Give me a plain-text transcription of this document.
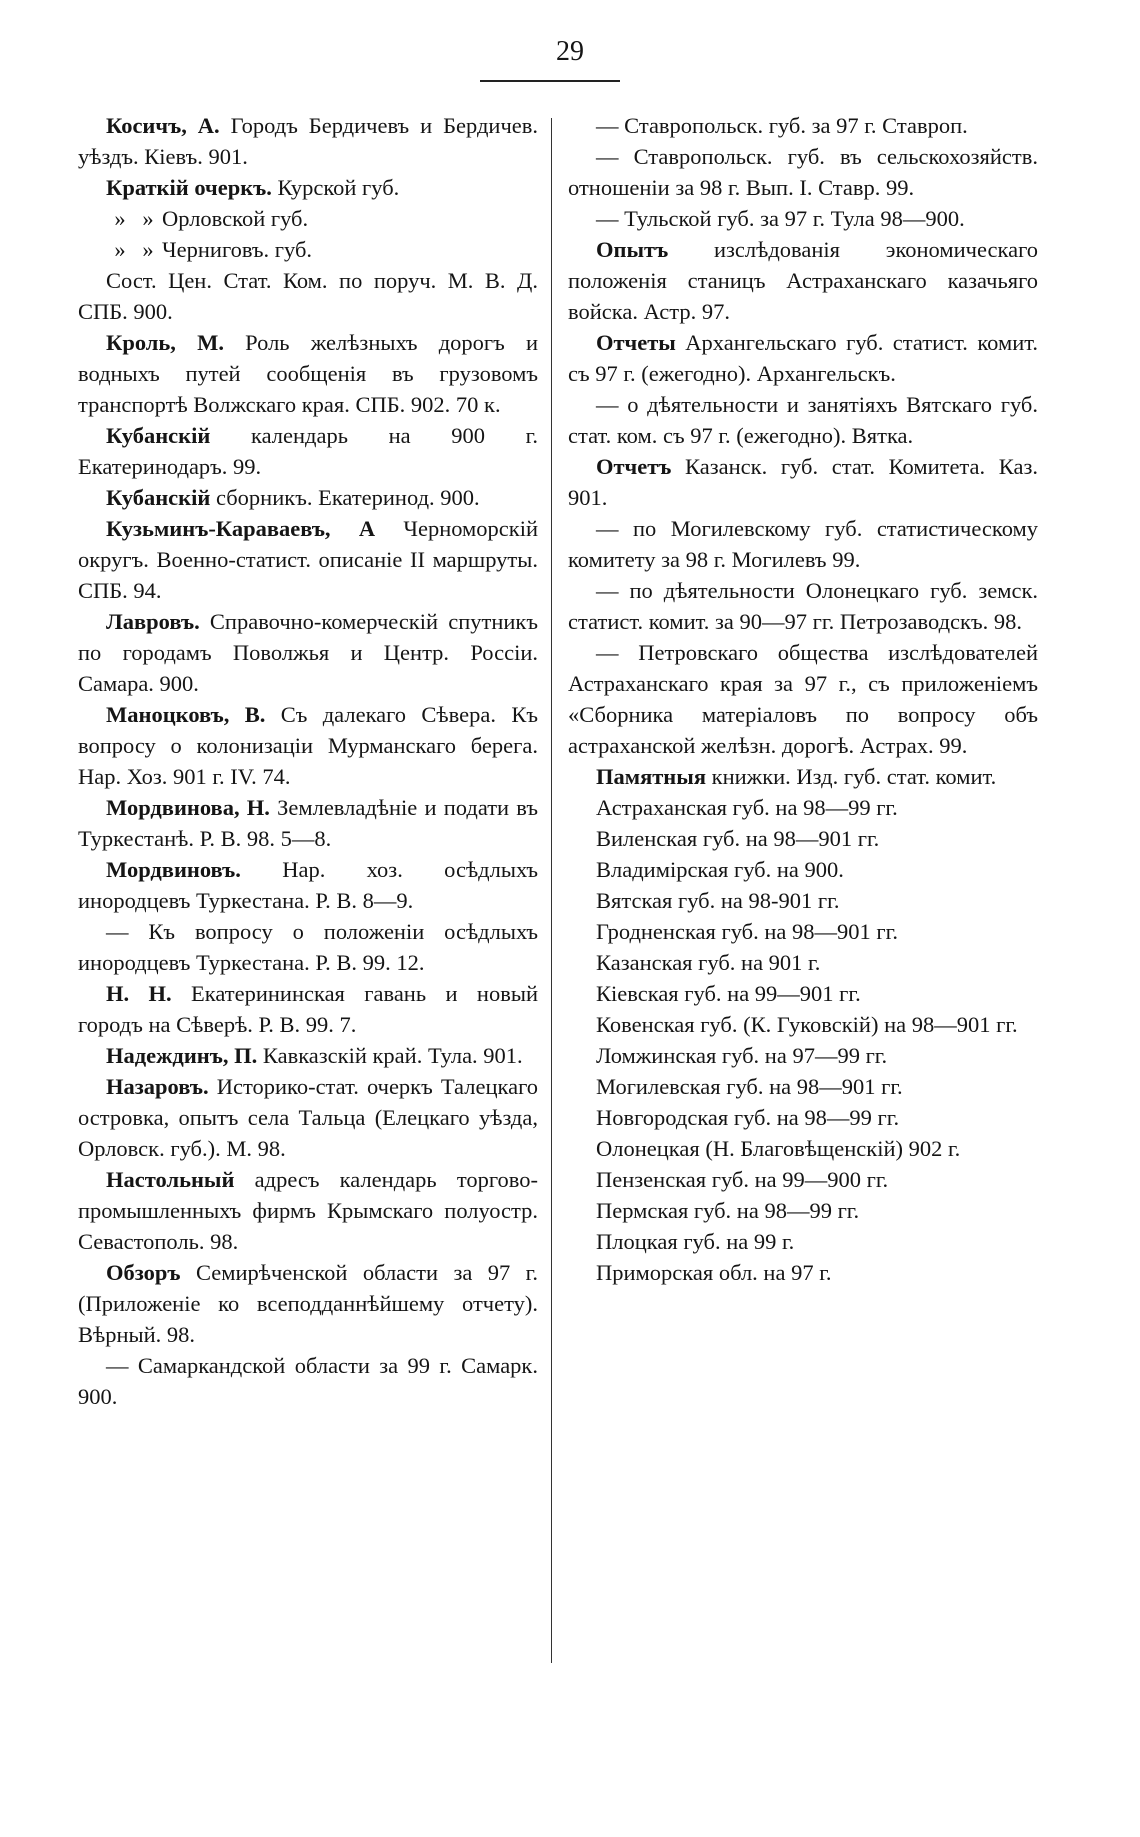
29

Косичъ, А. Городъ Бердичевъ и Бердичев. уѣздъ. Кіевъ. 901.

Краткій очеркъ. Курской губ.

» » Орловской губ.

» » Черниговъ. губ.

Сост. Цен. Стат. Ком. по поруч. М. В. Д. СПБ. 900.

Кроль, М. Роль желѣзныхъ дорогъ и водныхъ путей сообщенія въ грузовомъ транспортѣ Волжскаго края. СПБ. 902. 70 к.

Кубанскій календарь на 900 г. Екатеринодаръ. 99.

Кубанскій сборникъ. Екатеринод. 900.

Кузьминъ-Караваевъ, А Черноморскій округъ. Военно-статист. описаніе II маршруты. СПБ. 94.

Лавровъ. Справочно-комерческій спутникъ по городамъ Поволжья и Центр. Россіи. Самара. 900.

Маноцковъ, В. Съ далекаго Сѣвера. Къ вопросу о колонизаціи Мурманскаго берега. Нар. Хоз. 901 г. IV. 74.

Мордвинова, Н. Землевладѣніе и подати въ Туркестанѣ. Р. В. 98. 5—8.

Мордвиновъ. Нар. хоз. осѣдлыхъ инородцевъ Туркестана. Р. В. 8—9.

— Къ вопросу о положеніи осѣдлыхъ инородцевъ Туркестана. Р. В. 99. 12.

Н. Н. Екатерининская гавань и новый городъ на Сѣверѣ. Р. В. 99. 7.

Надеждинъ, П. Кавказскій край. Тула. 901.

Назаровъ. Историко-стат. очеркъ Талецкаго островка, опытъ села Тальца (Елецкаго уѣзда, Орловск. губ.). М. 98.

Настольный адресъ календарь торгово-промышленныхъ фирмъ Крымскаго полуостр. Севастополь. 98.

Обзоръ Семирѣченской области за 97 г. (Приложеніе ко всеподданнѣйшему отчету). Вѣрный. 98.

— Самаркандской области за 99 г. Самарк. 900.

— Ставропольск. губ. за 97 г. Ставроп.

— Ставропольск. губ. въ сельскохозяйств. отношеніи за 98 г. Вып. I. Ставр. 99.

— Тульской губ. за 97 г. Тула 98—900.

Опытъ изслѣдованія экономическаго положенія станицъ Астраханскаго казачьяго войска. Астр. 97.

Отчеты Архангельскаго губ. статист. комит. съ 97 г. (ежегодно). Архангельскъ.

— о дѣятельности и занятіяхъ Вятскаго губ. стат. ком. съ 97 г. (ежегодно). Вятка.

Отчетъ Казанск. губ. стат. Комитета. Каз. 901.

— по Могилевскому губ. статистическому комитету за 98 г. Могилевъ 99.

— по дѣятельности Олонецкаго губ. земск. статист. комит. за 90—97 гг. Петрозаводскъ. 98.

— Петровскаго общества изслѣдователей Астраханскаго края за 97 г., съ приложеніемъ «Сборника матеріаловъ по вопросу объ астраханской желѣзн. дорогѣ. Астрах. 99.

Памятныя книжки. Изд. губ. стат. комит.

Астраханская губ. на 98—99 гг.

Виленская губ. на 98—901 гг.

Владимірская губ. на 900.

Вятская губ. на 98-901 гг.

Гродненская губ. на 98—901 гг.

Казанская губ. на 901 г.

Кіевская губ. на 99—901 гг.

Ковенская губ. (К. Гуковскій) на 98—901 гг.

Ломжинская губ. на 97—99 гг.

Могилевская губ. на 98—901 гг.

Новгородская губ. на 98—99 гг.

Олонецкая (Н. Благовѣщенскій) 902 г.

Пензенская губ. на 99—900 гг.

Пермская губ. на 98—99 гг.

Плоцкая губ. на 99 г.

Приморская обл. на 97 г.
